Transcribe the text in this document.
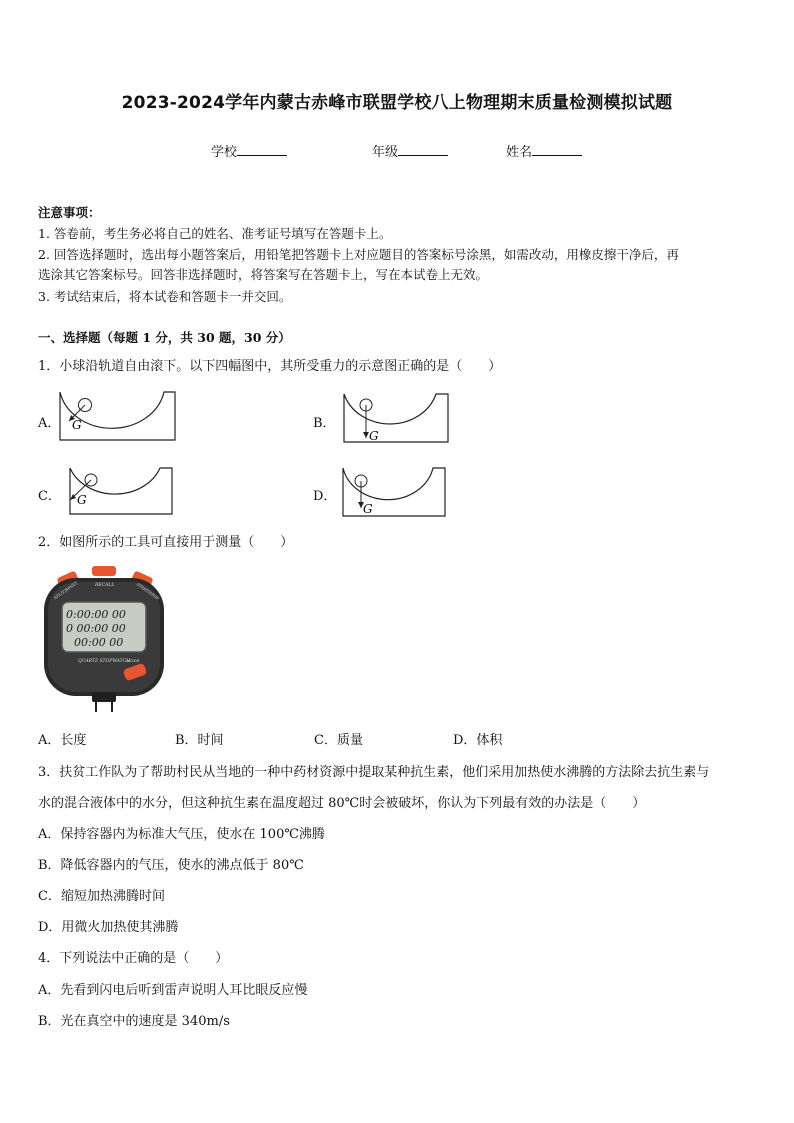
2023-2024学年内蒙古赤峰市联盟学校八上物理期末质量检测模拟试题
学校	年级	姓名
注意事项：
1. 答卷前，考生务必将自己的姓名、准考证号填写在答题卡上。
2. 回答选择题时，选出每小题答案后，用铅笔把答题卡上对应题目的答案标号涂黑，如需改动，用橡皮擦干净后，再
选涂其它答案标号。回答非选择题时，将答案写在答题卡上，写在本试卷上无效。
3. 考试结束后，将本试卷和答题卡一并交回。
一、选择题（每题 1 分，共 30 题，30 分）
1．小球沿轨道自由滚下。以下四幅图中，其所受重力的示意图正确的是（　　）
A． G	B．
G
C． G	D．
G
2．如图所示的工具可直接用于测量（　　）
RECALL
SPLIT/RESET	START/STOP
0:00:00 00
0 00:00 00
00:00 00
QUARTZ STOPWATCH
MODE
A．长度	B．时间	C．质量	D．体积
3．扶贫工作队为了帮助村民从当地的一种中药材资源中提取某种抗生素，他们采用加热使水沸腾的方法除去抗生素与
水的混合液体中的水分，但这种抗生素在温度超过 80℃时会被破坏，你认为下列最有效的办法是（　　）
A．保持容器内为标准大气压，使水在 100℃沸腾
B．降低容器内的气压，使水的沸点低于 80℃
C．缩短加热沸腾时间
D．用微火加热使其沸腾
4．下列说法中正确的是（　　）
A．先看到闪电后听到雷声说明人耳比眼反应慢
B．光在真空中的速度是 340m/s
